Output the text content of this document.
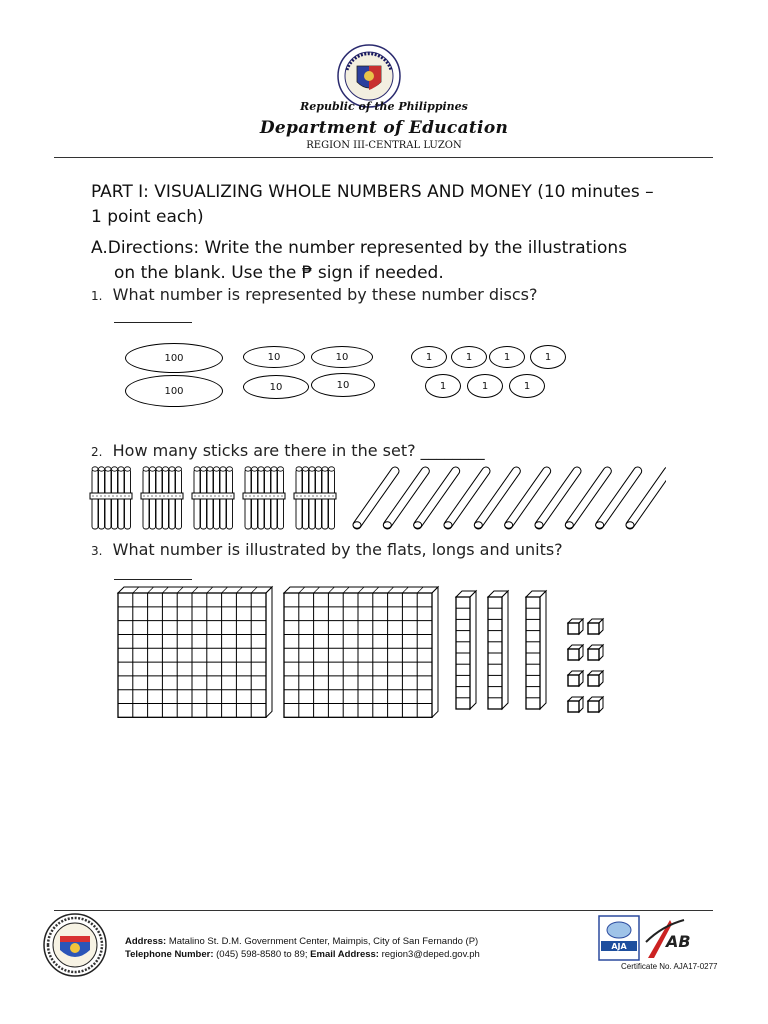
Republic of the Philippines
Department of Education
REGION III-CENTRAL LUZON
PART I: VISUALIZING WHOLE NUMBERS AND MONEY (10 minutes – 1 point each)
A.Directions: Write the number represented by the illustrations
on the blank. Use the ₱ sign if needed.
1. What number is represented by these number discs?
100
100
10	10
10	10
1	1	1	1
1	1	1
2. How many sticks are there in the set? ________
3. What number is illustrated by the flats, longs and units?
Address: Matalino St. D.M. Government Center, Maimpis, City of San Fernando (P)
Telephone Number: (045) 598-8580 to 89; Email Address: region3@deped.gov.ph
AJA AB
Certificate No. AJA17-0277
